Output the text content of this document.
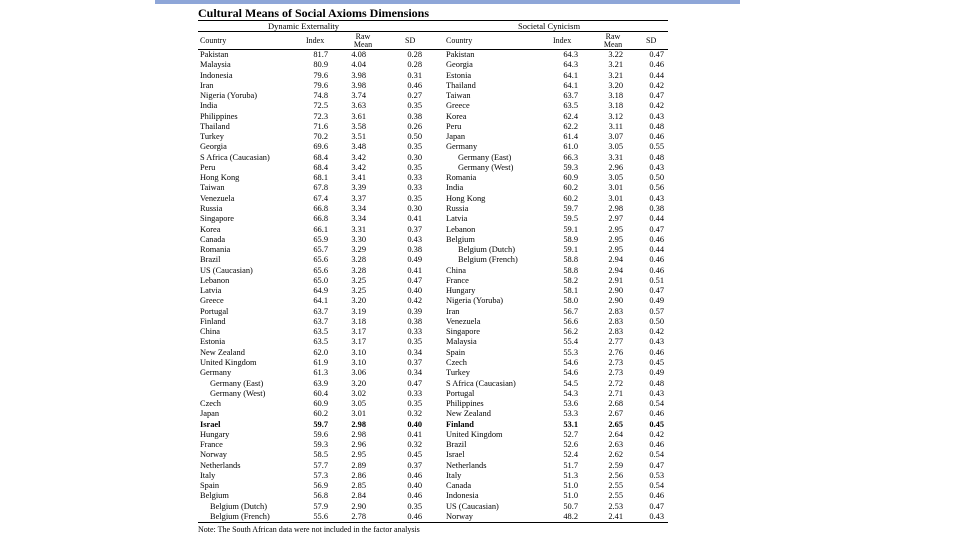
Cultural Means of Social Axioms Dimensions
Dynamic Externality	Societal Cynicism
Country	Index	Raw Mean	SD	Country	Index	Raw Mean	SD
Pakistan	81.7	4.08	0.28	Pakistan	64.3	3.22	0.47
Malaysia	80.9	4.04	0.28	Georgia	64.3	3.21	0.46
Indonesia	79.6	3.98	0.31	Estonia	64.1	3.21	0.44
Iran	79.6	3.98	0.46	Thailand	64.1	3.20	0.42
Nigeria (Yoruba)	74.8	3.74	0.27	Taiwan	63.7	3.18	0.47
India	72.5	3.63	0.35	Greece	63.5	3.18	0.42
Philippines	72.3	3.61	0.38	Korea	62.4	3.12	0.43
Thailand	71.6	3.58	0.26	Peru	62.2	3.11	0.48
Turkey	70.2	3.51	0.50	Japan	61.4	3.07	0.46
Georgia	69.6	3.48	0.35	Germany	61.0	3.05	0.55
S Africa (Caucasian)	68.4	3.42	0.30	Germany (East)	66.3	3.31	0.48
Peru	68.4	3.42	0.35	Germany (West)	59.3	2.96	0.43
Hong Kong	68.1	3.41	0.33	Romania	60.9	3.05	0.50
Taiwan	67.8	3.39	0.33	India	60.2	3.01	0.56
Venezuela	67.4	3.37	0.35	Hong Kong	60.2	3.01	0.43
Russia	66.8	3.34	0.30	Russia	59.7	2.98	0.38
Singapore	66.8	3.34	0.41	Latvia	59.5	2.97	0.44
Korea	66.1	3.31	0.37	Lebanon	59.1	2.95	0.47
Canada	65.9	3.30	0.43	Belgium	58.9	2.95	0.46
Romania	65.7	3.29	0.38	Belgium (Dutch)	59.1	2.95	0.44
Brazil	65.6	3.28	0.49	Belgium (French)	58.8	2.94	0.46
US (Caucasian)	65.6	3.28	0.41	China	58.8	2.94	0.46
Lebanon	65.0	3.25	0.47	France	58.2	2.91	0.51
Latvia	64.9	3.25	0.40	Hungary	58.1	2.90	0.47
Greece	64.1	3.20	0.42	Nigeria (Yoruba)	58.0	2.90	0.49
Portugal	63.7	3.19	0.39	Iran	56.7	2.83	0.57
Finland	63.7	3.18	0.38	Venezuela	56.6	2.83	0.50
China	63.5	3.17	0.33	Singapore	56.2	2.83	0.42
Estonia	63.5	3.17	0.35	Malaysia	55.4	2.77	0.43
New Zealand	62.0	3.10	0.34	Spain	55.3	2.76	0.46
United Kingdom	61.9	3.10	0.37	Czech	54.6	2.73	0.45
Germany	61.3	3.06	0.34	Turkey	54.6	2.73	0.49
Germany (East)	63.9	3.20	0.47	S Africa (Caucasian)	54.5	2.72	0.48
Germany (West)	60.4	3.02	0.33	Portugal	54.3	2.71	0.43
Czech	60.9	3.05	0.35	Philippines	53.6	2.68	0.54
Japan	60.2	3.01	0.32	New Zealand	53.3	2.67	0.46
Israel	59.7	2.98	0.40	Finland	53.1	2.65	0.45
Hungary	59.6	2.98	0.41	United Kingdom	52.7	2.64	0.42
France	59.3	2.96	0.32	Brazil	52.6	2.63	0.46
Norway	58.5	2.95	0.45	Israel	52.4	2.62	0.54
Netherlands	57.7	2.89	0.37	Netherlands	51.7	2.59	0.47
Italy	57.3	2.86	0.46	Italy	51.3	2.56	0.53
Spain	56.9	2.85	0.40	Canada	51.0	2.55	0.54
Belgium	56.8	2.84	0.46	Indonesia	51.0	2.55	0.46
Belgium (Dutch)	57.9	2.90	0.35	US (Caucasian)	50.7	2.53	0.47
Belgium (French)	55.6	2.78	0.46	Norway	48.2	2.41	0.43
Note: The South African data were not included in the factor analysis
